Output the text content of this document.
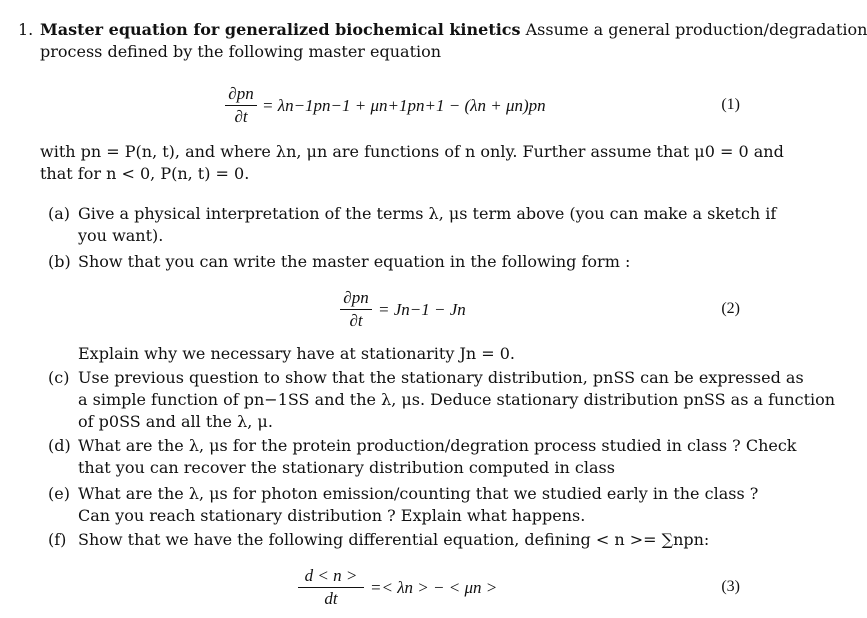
1. Master equation for generalized biochemical kinetics Assume a general production/degradation
process defined by the following master equation
$\frac{\partial pn}{\partial t} = \lambda n-1pn-1 + \mu n+1pn+1 - (\lambda n + \mu n)pn$	(1)
with pn = P(n, t), and where λn, μn are functions of n only. Further assume that μ0 = 0 and
that for n < 0, P(n, t) = 0.
(a) Give a physical interpretation of the terms λ, μs term above (you can make a sketch if
you want).
(b) Show that you can write the master equation in the following form :
$\frac{\partial pn}{\partial t} = Jn-1 - Jn$	(2)
Explain why we necessary have at stationarity Jn = 0.
(c) Use previous question to show that the stationary distribution, pnSS can be expressed as
a simple function of pn−1SS and the λ, μs. Deduce stationary distribution pnSS as a function
of p0SS and all the λ, μ.
(d) What are the λ, μs for the protein production/degration process studied in class ? Check
that you can recover the stationary distribution computed in class
(e) What are the λ, μs for photon emission/counting that we studied early in the class ?
Can you reach stationary distribution ? Explain what happens.
(f) Show that we have the following differential equation, defining < n >= ∑npn:
$\frac{d < n >}{dt} =< \lambda n$ > − < μn >	(3)
